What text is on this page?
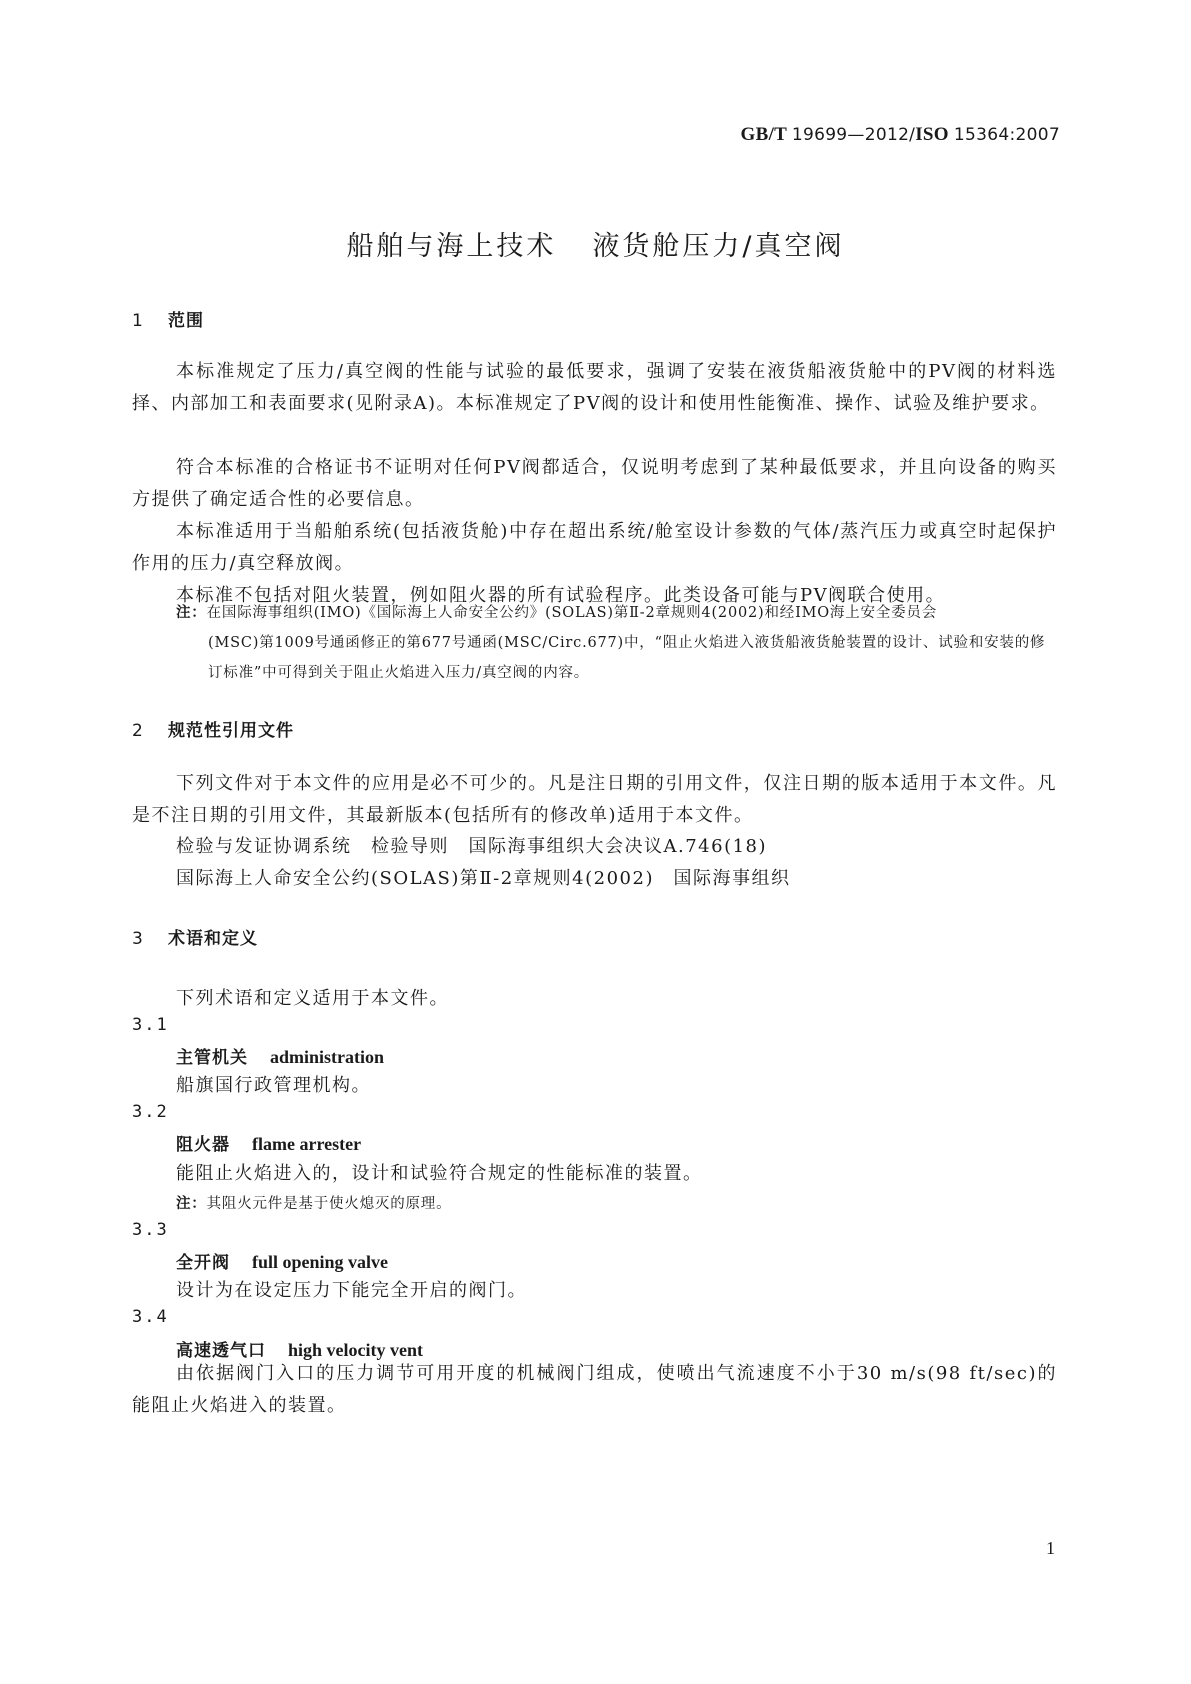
GB/T 19699—2012/ISO 15364:2007
船舶与海上技术 液货舱压力/真空阀
1 范围

本标准规定了压力/真空阀的性能与试验的最低要求，强调了安装在液货船液货舱中的PV阀的材料选择、内部加工和表面要求(见附录A)。本标准规定了PV阀的设计和使用性能衡准、操作、试验及维护要求。

符合本标准的合格证书不证明对任何PV阀都适合，仅说明考虑到了某种最低要求，并且向设备的购买方提供了确定适合性的必要信息。

本标准适用于当船舶系统(包括液货舱)中存在超出系统/舱室设计参数的气体/蒸汽压力或真空时起保护作用的压力/真空释放阀。

本标准不包括对阻火装置，例如阻火器的所有试验程序。此类设备可能与PV阀联合使用。

注：在国际海事组织(IMO)《国际海上人命安全公约》(SOLAS)第Ⅱ-2章规则4(2002)和经IMO海上安全委员会
(MSC)第1009号通函修正的第677号通函(MSC/Circ.677)中，“阻止火焰进入液货船液货舱装置的设计、试验和安装的修订标准”中可得到关于阻止火焰进入压力/真空阀的内容。
2 规范性引用文件

下列文件对于本文件的应用是必不可少的。凡是注日期的引用文件，仅注日期的版本适用于本文件。凡是不注日期的引用文件，其最新版本(包括所有的修改单)适用于本文件。

检验与发证协调系统　检验导则　国际海事组织大会决议A.746(18)
国际海上人命安全公约(SOLAS)第Ⅱ-2章规则4(2002)　国际海事组织
3 术语和定义
下列术语和定义适用于本文件。
3.1
主管机关 administration
船旗国行政管理机构。
3.2
阻火器 flame arrester
能阻止火焰进入的，设计和试验符合规定的性能标准的装置。
注：其阻火元件是基于使火熄灭的原理。
3.3
全开阀 full opening valve
设计为在设定压力下能完全开启的阀门。
3.4
高速透气口 high velocity vent

由依据阀门入口的压力调节可用开度的机械阀门组成，使喷出气流速度不小于30 m/s(98 ft/sec)的能阻止火焰进入的装置。

1
